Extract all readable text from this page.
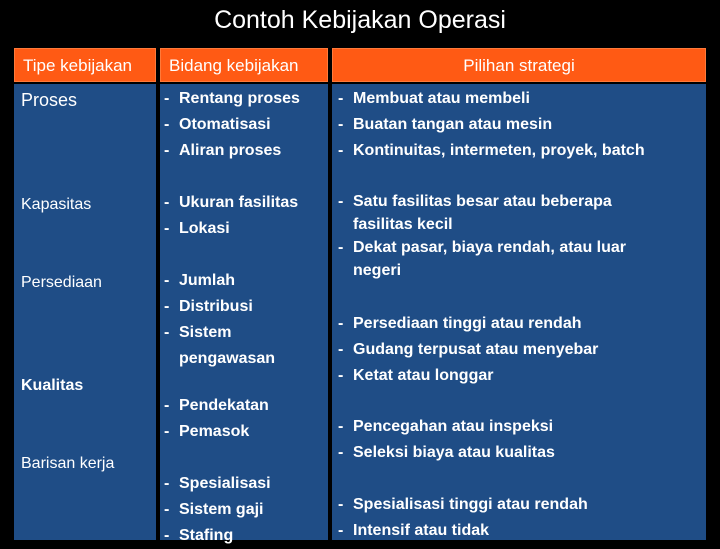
Contoh Kebijakan Operasi
Tipe kebijakan	Bidang kebijakan	Pilihan strategi
Proses
Kapasitas
Persediaan
Kualitas
Barisan kerja
- Rentang proses
- Otomatisasi
- Aliran proses
- Ukuran fasilitas
- Lokasi
- Jumlah
- Distribusi
- Sistem
pengawasan
- Pendekatan
- Pemasok
- Spesialisasi
- Sistem gaji
- Stafing
- Membuat atau membeli
- Buatan tangan atau mesin
- Kontinuitas, intermeten, proyek, batch
- Satu fasilitas besar atau beberapa
fasilitas kecil
- Dekat pasar, biaya rendah, atau luar
negeri
- Persediaan tinggi atau rendah
- Gudang terpusat atau menyebar
- Ketat atau longgar
- Pencegahan atau inspeksi
- Seleksi biaya atau kualitas
- Spesialisasi tinggi atau rendah
- Intensif atau tidak
